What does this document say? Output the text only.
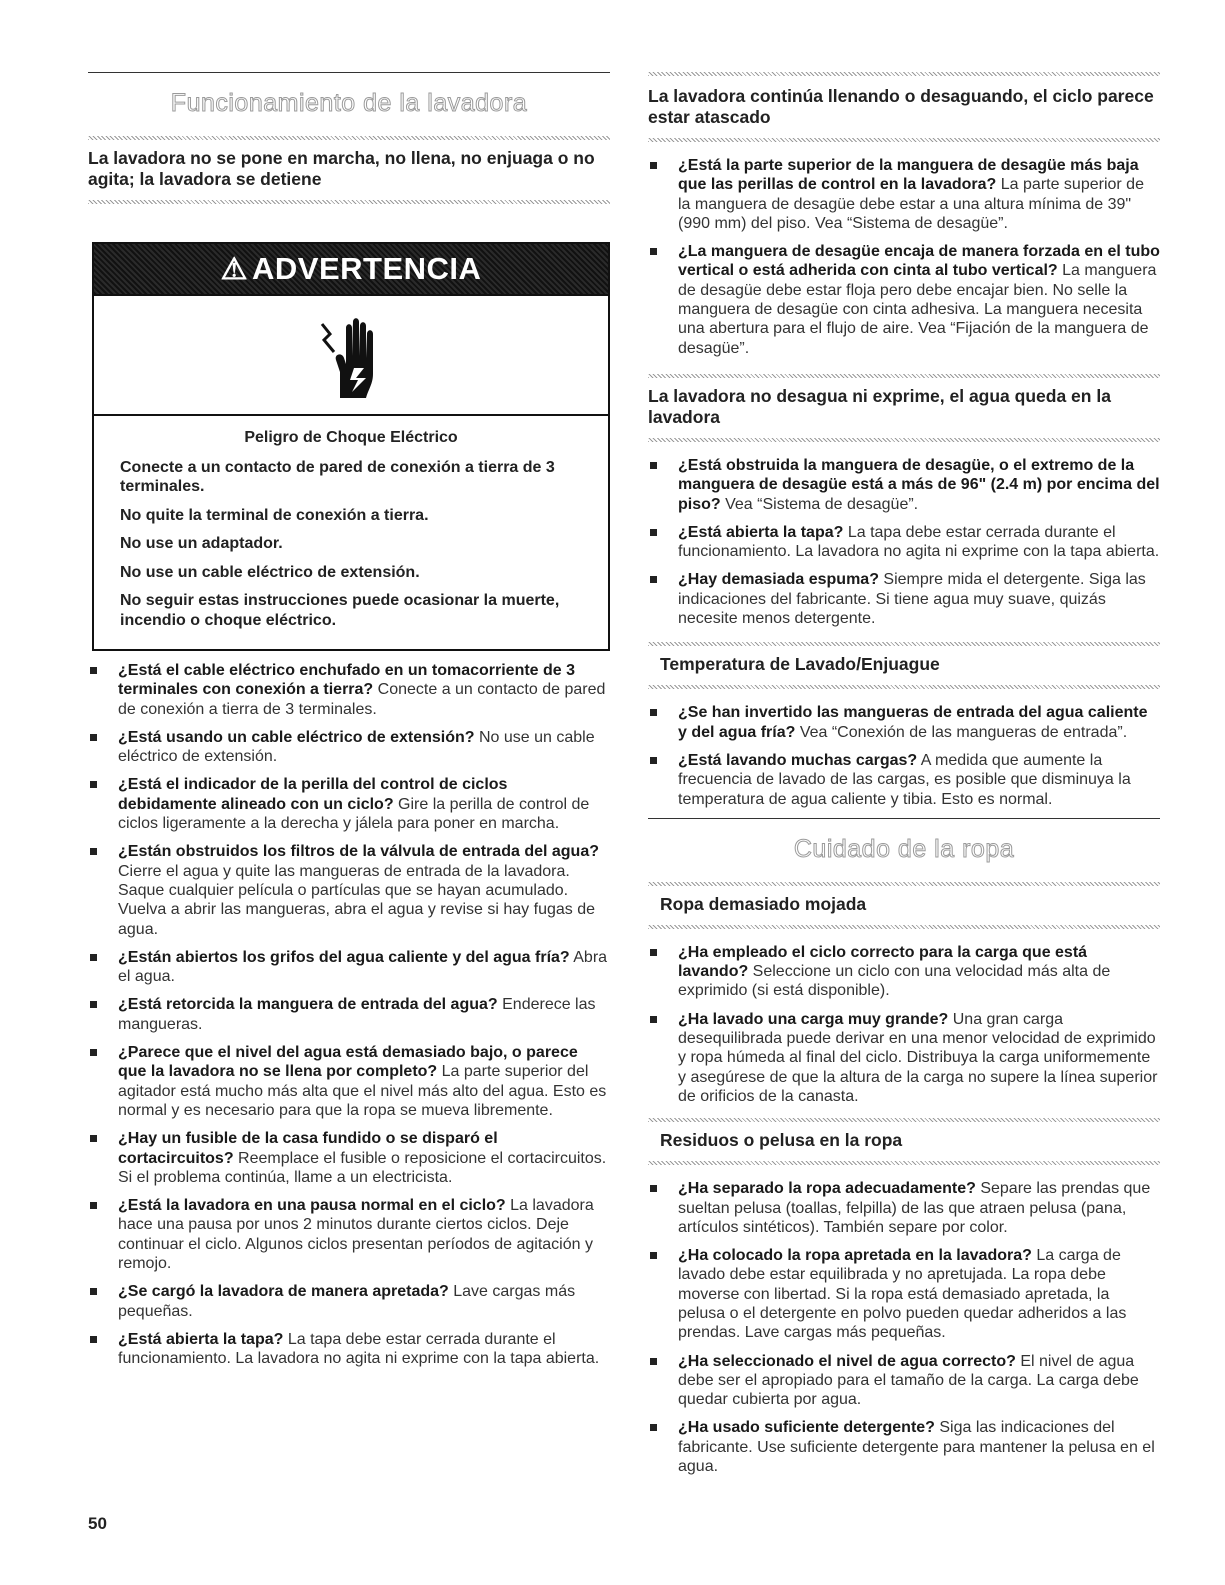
Funcionamiento de la lavadora
La lavadora no se pone en marcha, no llena, no enjuaga o no agita; la lavadora se detiene
⚠ ADVERTENCIA

Peligro de Choque Eléctrico

Conecte a un contacto de pared de conexión a tierra de 3 terminales.

No quite la terminal de conexión a tierra.

No use un adaptador.

No use un cable eléctrico de extensión.

No seguir estas instrucciones puede ocasionar la muerte, incendio o choque eléctrico.

¿Está el cable eléctrico enchufado en un tomacorriente de 3 terminales con conexión a tierra? Conecte a un contacto de pared de conexión a tierra de 3 terminales.
¿Está usando un cable eléctrico de extensión? No use un cable eléctrico de extensión.
¿Está el indicador de la perilla del control de ciclos debidamente alineado con un ciclo? Gire la perilla de control de ciclos ligeramente a la derecha y jálela para poner en marcha.
¿Están obstruidos los filtros de la válvula de entrada del agua? Cierre el agua y quite las mangueras de entrada de la lavadora. Saque cualquier película o partículas que se hayan acumulado. Vuelva a abrir las mangueras, abra el agua y revise si hay fugas de agua.
¿Están abiertos los grifos del agua caliente y del agua fría? Abra el agua.
¿Está retorcida la manguera de entrada del agua? Enderece las mangueras.
¿Parece que el nivel del agua está demasiado bajo, o parece que la lavadora no se llena por completo? La parte superior del agitador está mucho más alta que el nivel más alto del agua. Esto es normal y es necesario para que la ropa se mueva libremente.
¿Hay un fusible de la casa fundido o se disparó el cortacircuitos? Reemplace el fusible o reposicione el cortacircuitos. Si el problema continúa, llame a un electricista.
¿Está la lavadora en una pausa normal en el ciclo? La lavadora hace una pausa por unos 2 minutos durante ciertos ciclos. Deje continuar el ciclo. Algunos ciclos presentan períodos de agitación y remojo.
¿Se cargó la lavadora de manera apretada? Lave cargas más pequeñas.
¿Está abierta la tapa? La tapa debe estar cerrada durante el funcionamiento. La lavadora no agita ni exprime con la tapa abierta.
La lavadora continúa llenando o desaguando, el ciclo parece estar atascado
¿Está la parte superior de la manguera de desagüe más baja que las perillas de control en la lavadora? La parte superior de la manguera de desagüe debe estar a una altura mínima de 39" (990 mm) del piso. Vea “Sistema de desagüe”.
¿La manguera de desagüe encaja de manera forzada en el tubo vertical o está adherida con cinta al tubo vertical? La manguera de desagüe debe estar floja pero debe encajar bien. No selle la manguera de desagüe con cinta adhesiva. La manguera necesita una abertura para el flujo de aire. Vea “Fijación de la manguera de desagüe”.
La lavadora no desagua ni exprime, el agua queda en la lavadora
¿Está obstruida la manguera de desagüe, o el extremo de la manguera de desagüe está a más de 96" (2.4 m) por encima del piso? Vea “Sistema de desagüe”.
¿Está abierta la tapa? La tapa debe estar cerrada durante el funcionamiento. La lavadora no agita ni exprime con la tapa abierta.
¿Hay demasiada espuma? Siempre mida el detergente. Siga las indicaciones del fabricante. Si tiene agua muy suave, quizás necesite menos detergente.
Temperatura de Lavado/Enjuague
¿Se han invertido las mangueras de entrada del agua caliente y del agua fría? Vea “Conexión de las mangueras de entrada”.
¿Está lavando muchas cargas? A medida que aumente la frecuencia de lavado de las cargas, es posible que disminuya la temperatura de agua caliente y tibia. Esto es normal.
Cuidado de la ropa
Ropa demasiado mojada
¿Ha empleado el ciclo correcto para la carga que está lavando? Seleccione un ciclo con una velocidad más alta de exprimido (si está disponible).
¿Ha lavado una carga muy grande? Una gran carga desequilibrada puede derivar en una menor velocidad de exprimido y ropa húmeda al final del ciclo. Distribuya la carga uniformemente y asegúrese de que la altura de la carga no supere la línea superior de orificios de la canasta.
Residuos o pelusa en la ropa
¿Ha separado la ropa adecuadamente? Separe las prendas que sueltan pelusa (toallas, felpilla) de las que atraen pelusa (pana, artículos sintéticos). También separe por color.
¿Ha colocado la ropa apretada en la lavadora? La carga de lavado debe estar equilibrada y no apretujada. La ropa debe moverse con libertad. Si la ropa está demasiado apretada, la pelusa o el detergente en polvo pueden quedar adheridos a las prendas. Lave cargas más pequeñas.
¿Ha seleccionado el nivel de agua correcto? El nivel de agua debe ser el apropiado para el tamaño de la carga. La carga debe quedar cubierta por agua.
¿Ha usado suficiente detergente? Siga las indicaciones del fabricante. Use suficiente detergente para mantener la pelusa en el agua.
50
